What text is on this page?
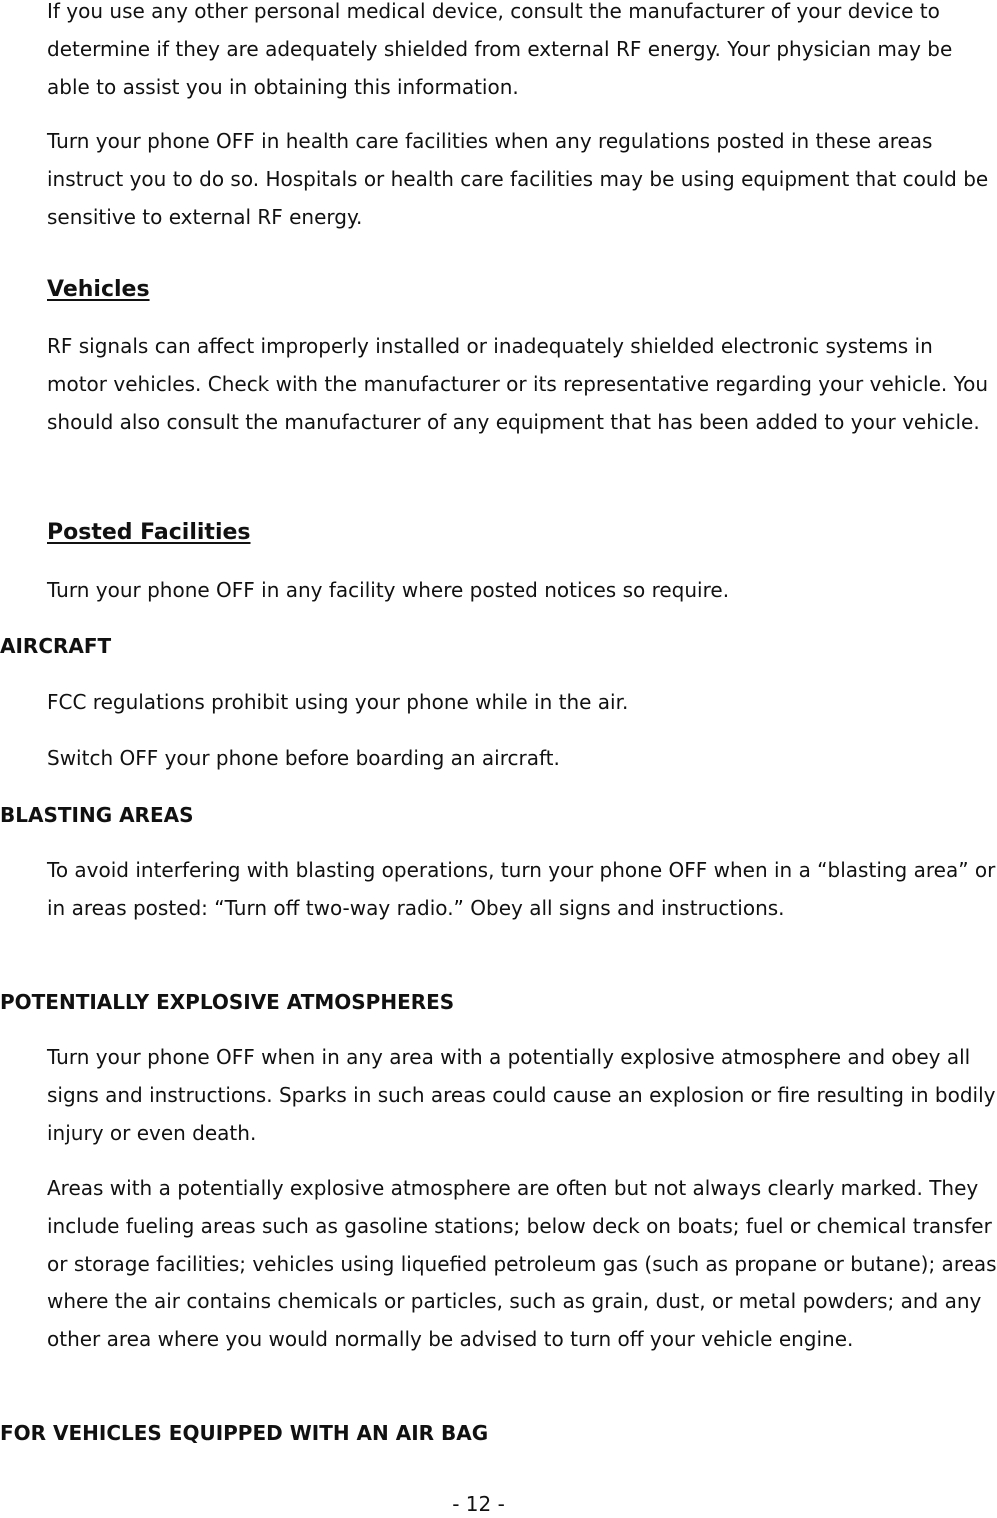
If you use any other personal medical device, consult the manufacturer of your device to determine if they are adequately shielded from external RF energy. Your physician may be able to assist you in obtaining this information.

Turn your phone OFF in health care facilities when any regulations posted in these areas instruct you to do so. Hospitals or health care facilities may be using equipment that could be sensitive to external RF energy.

Vehicles

RF signals can affect improperly installed or inadequately shielded electronic systems in motor vehicles. Check with the manufacturer or its representative regarding your vehicle. You should also consult the manufacturer of any equipment that has been added to your vehicle.

Posted Facilities

Turn your phone OFF in any facility where posted notices so require.

AIRCRAFT

FCC regulations prohibit using your phone while in the air.

Switch OFF your phone before boarding an aircraft.

BLASTING AREAS

To avoid interfering with blasting operations, turn your phone OFF when in a “blasting area” or in areas posted: “Turn off two-way radio.” Obey all signs and instructions.

POTENTIALLY EXPLOSIVE ATMOSPHERES

Turn your phone OFF when in any area with a potentially explosive atmosphere and obey all signs and instructions. Sparks in such areas could cause an explosion or fire resulting in bodily injury or even death.

Areas with a potentially explosive atmosphere are often but not always clearly marked. They include fueling areas such as gasoline stations; below deck on boats; fuel or chemical transfer or storage facilities; vehicles using liquefied petroleum gas (such as propane or butane); areas where the air contains chemicals or particles, such as grain, dust, or metal powders; and any other area where you would normally be advised to turn off your vehicle engine.

FOR VEHICLES EQUIPPED WITH AN AIR BAG

- 12 -
